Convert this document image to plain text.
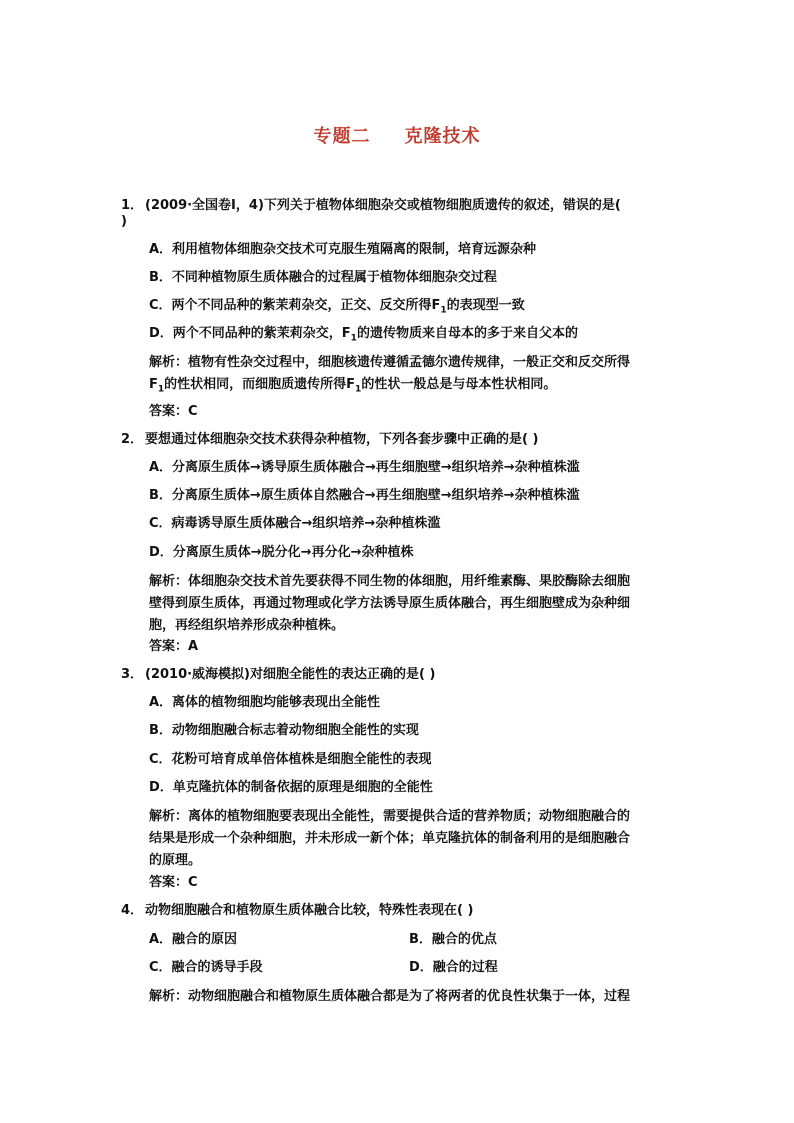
专题二 克隆技术
1． (2009·全国卷Ⅰ，4)下列关于植物体细胞杂交或植物细胞质遗传的叙述，错误的是(
)
A．利用植物体细胞杂交技术可克服生殖隔离的限制，培育远源杂种
B．不同种植物原生质体融合的过程属于植物体细胞杂交过程
C．两个不同品种的紫茉莉杂交，正交、反交所得$F_1$的表现型一致
D．两个不同品种的紫茉莉杂交，$F_1$的遗传物质来自母本的多于来自父本的
解析：植物有性杂交过程中，细胞核遗传遵循孟德尔遗传规律，一般正交和反交所得
$F_1$的性状相同，而细胞质遗传所得$F_1$的性状一般总是与母本性状相同。
答案：C
2． 要想通过体细胞杂交技术获得杂种植物，下列各套步骤中正确的是( )
A．分离原生质体→诱导原生质体融合→再生细胞壁→组织培养→杂种植株滥
B．分离原生质体→原生质体自然融合→再生细胞壁→组织培养→杂种植株滥
C．病毒诱导原生质体融合→组织培养→杂种植株滥
D．分离原生质体→脱分化→再分化→杂种植株
解析：体细胞杂交技术首先要获得不同生物的体细胞，用纤维素酶、果胶酶除去细胞
壁得到原生质体，再通过物理或化学方法诱导原生质体融合，再生细胞壁成为杂种细
胞，再经组织培养形成杂种植株。
答案：A
3． (2010·威海模拟)对细胞全能性的表达正确的是( )
A．离体的植物细胞均能够表现出全能性
B．动物细胞融合标志着动物细胞全能性的实现
C．花粉可培育成单倍体植株是细胞全能性的表现
D．单克隆抗体的制备依据的原理是细胞的全能性
解析：离体的植物细胞要表现出全能性，需要提供合适的营养物质；动物细胞融合的
结果是形成一个杂种细胞，并未形成一新个体；单克隆抗体的制备利用的是细胞融合
的原理。
答案：C
4． 动物细胞融合和植物原生质体融合比较，特殊性表现在( )
A．融合的原因	B．融合的优点
C．融合的诱导手段	D．融合的过程
解析：动物细胞融合和植物原生质体融合都是为了将两者的优良性状集于一体，过程
